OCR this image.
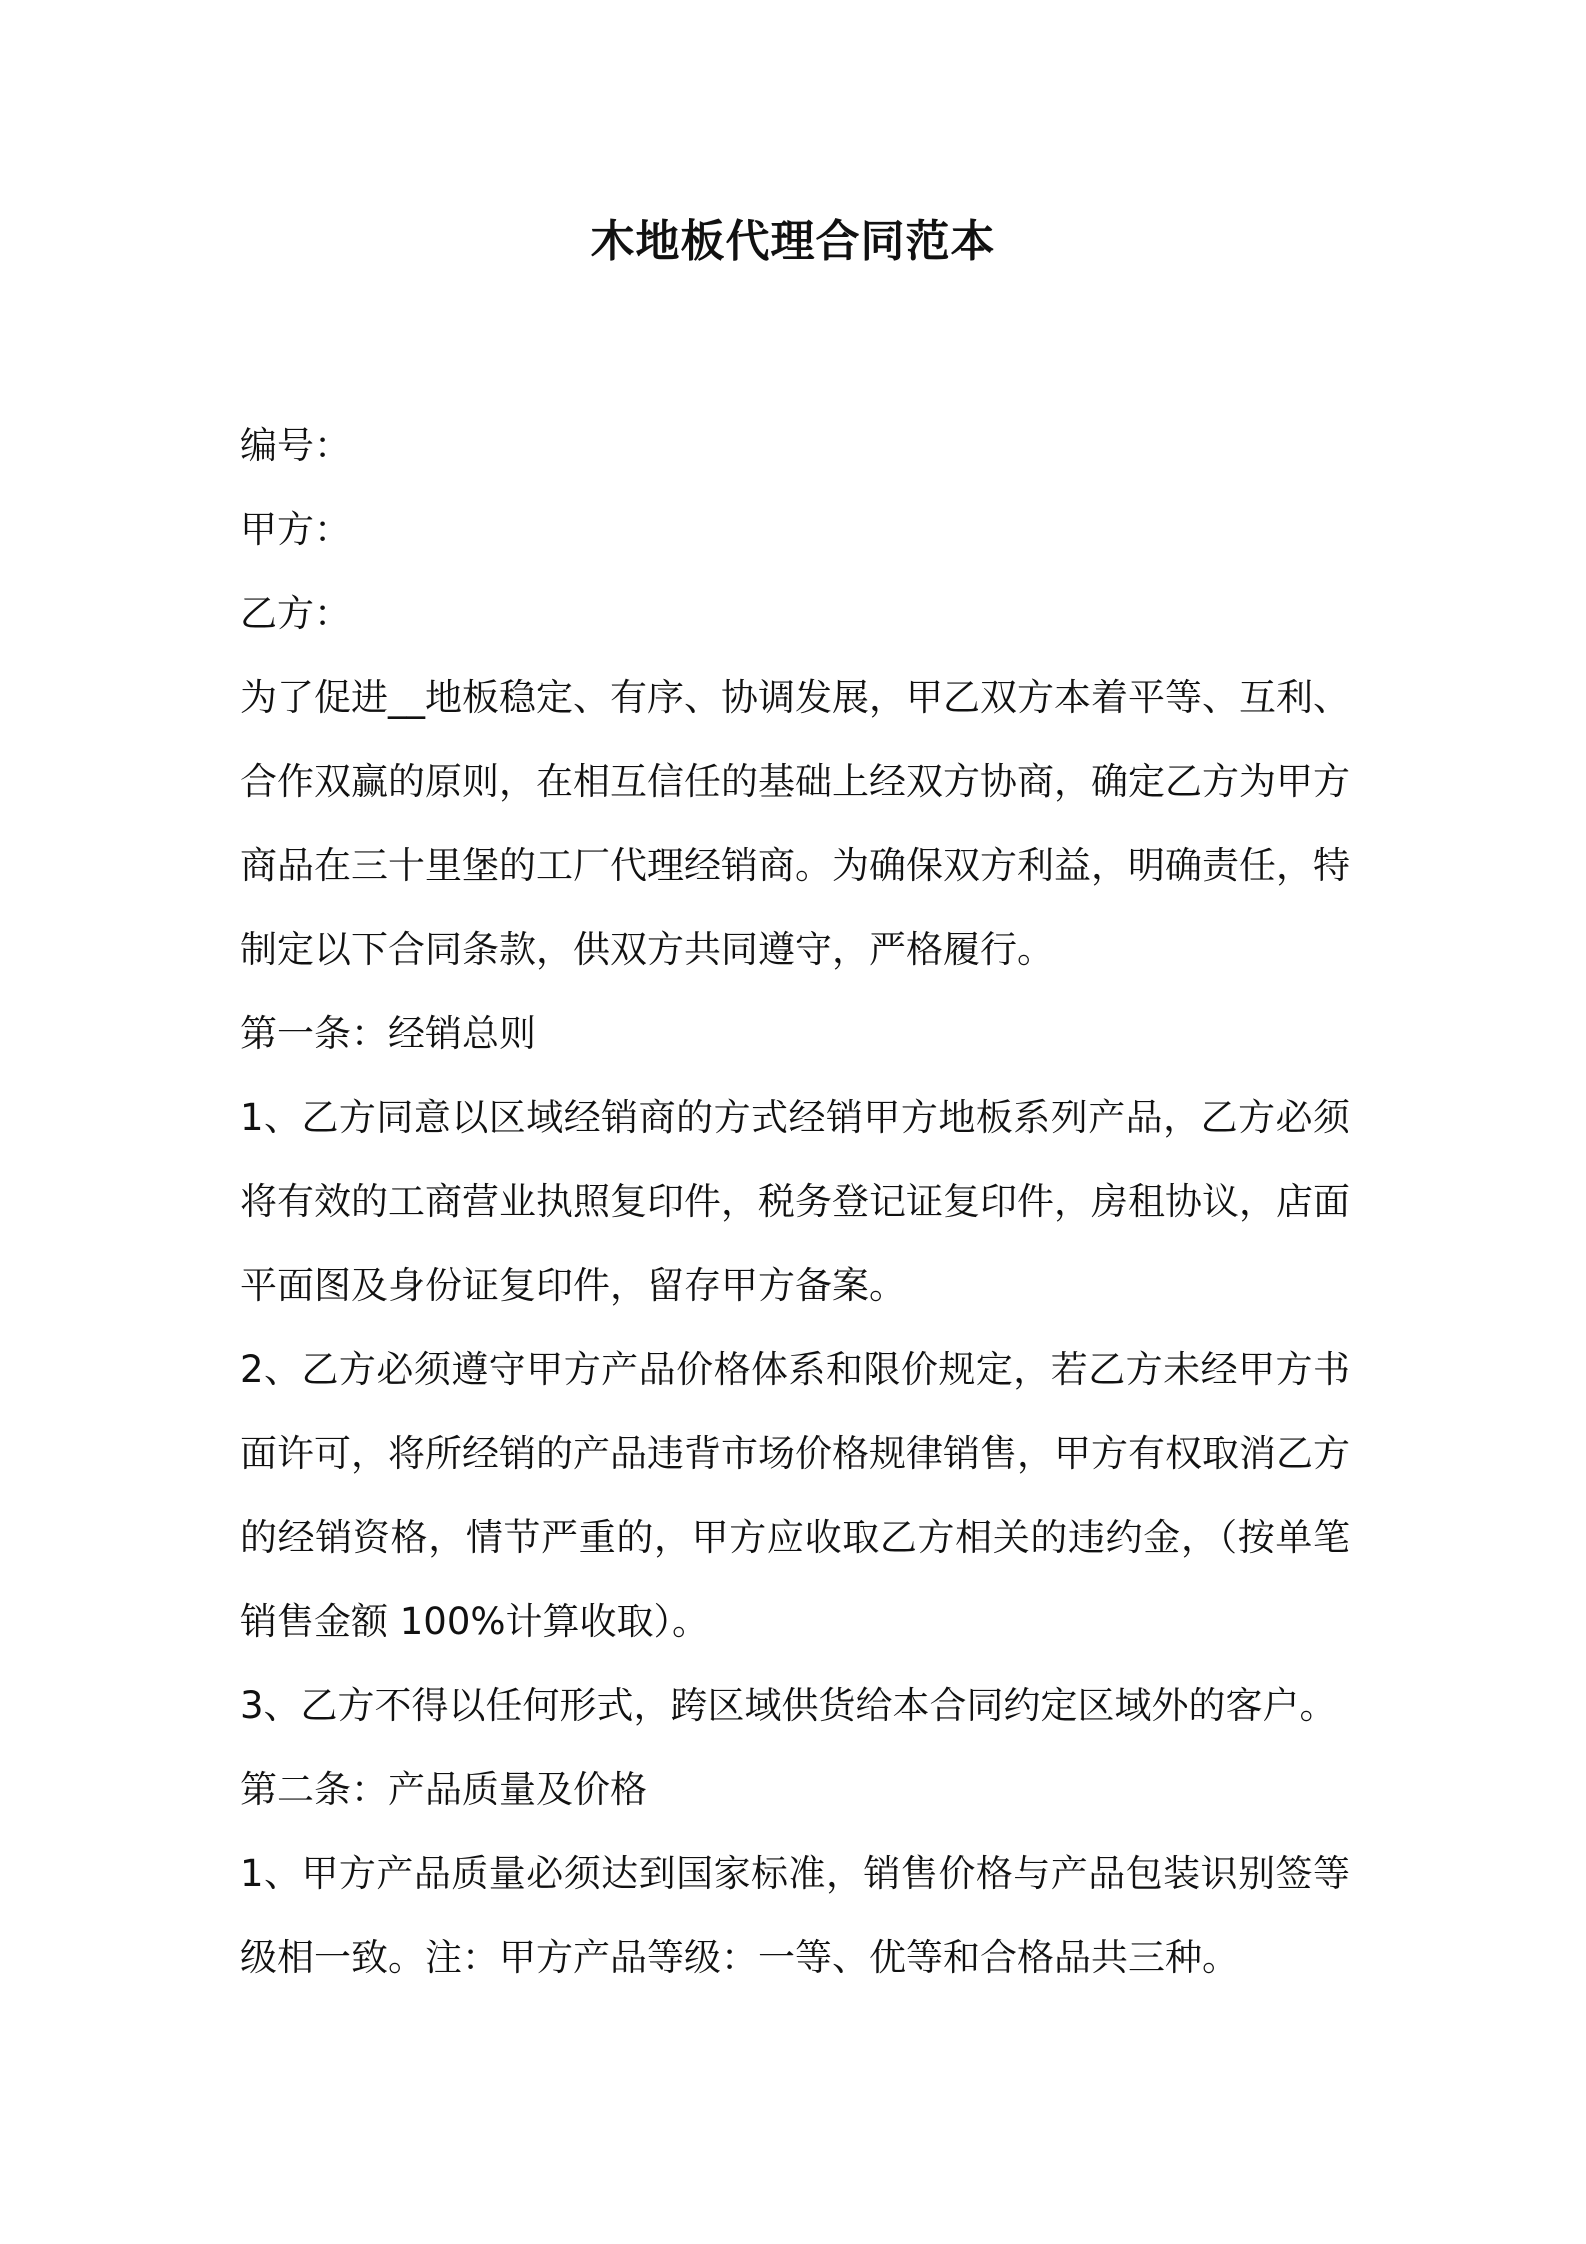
木地板代理合同范本
编号：
甲方：
乙方：
为了促进__地板稳定、有序、协调发展，甲乙双方本着平等、互利、
合作双赢的原则，在相互信任的基础上经双方协商，确定乙方为甲方
商品在三十里堡的工厂代理经销商。为确保双方利益，明确责任，特
制定以下合同条款，供双方共同遵守，严格履行。
第一条：经销总则
1、乙方同意以区域经销商的方式经销甲方地板系列产品，乙方必须
将有效的工商营业执照复印件，税务登记证复印件，房租协议，店面
平面图及身份证复印件，留存甲方备案。
2、乙方必须遵守甲方产品价格体系和限价规定，若乙方未经甲方书
面许可，将所经销的产品违背市场价格规律销售，甲方有权取消乙方
的经销资格，情节严重的，甲方应收取乙方相关的违约金，（按单笔
销售金额 100%计算收取）。
3、乙方不得以任何形式，跨区域供货给本合同约定区域外的客户。
第二条：产品质量及价格
1、甲方产品质量必须达到国家标准，销售价格与产品包装识别签等
级相一致。注：甲方产品等级：一等、优等和合格品共三种。
